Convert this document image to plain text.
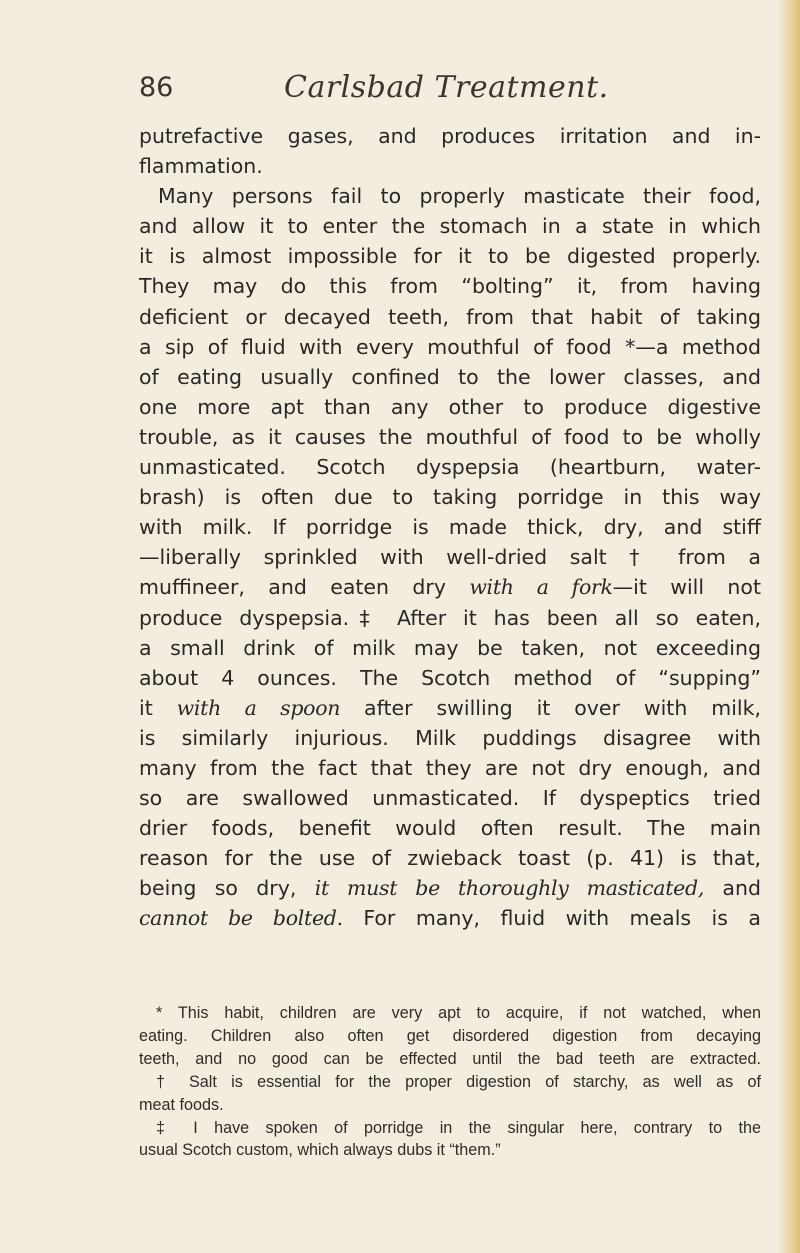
86	Carlsbad Treatment.
putrefactive gases, and produces irritation and in-
flammation.
Many persons fail to properly masticate their food,
and allow it to enter the stomach in a state in which
it is almost impossible for it to be digested properly.
They may do this from “bolting” it, from having
deficient or decayed teeth, from that habit of taking
a sip of fluid with every mouthful of food *—a method
of eating usually confined to the lower classes, and
one more apt than any other to produce digestive
trouble, as it causes the mouthful of food to be wholly
unmasticated. Scotch dyspepsia (heartburn, water-
brash) is often due to taking porridge in this way
with milk. If porridge is made thick, dry, and stiff
—liberally sprinkled with well-dried salt † from a
muffineer, and eaten dry with a fork—it will not
produce dyspepsia.‡ After it has been all so eaten,
a small drink of milk may be taken, not exceeding
about 4 ounces. The Scotch method of “supping”
it with a spoon after swilling it over with milk,
is similarly injurious. Milk puddings disagree with
many from the fact that they are not dry enough, and
so are swallowed unmasticated. If dyspeptics tried
drier foods, benefit would often result. The main
reason for the use of zwieback toast (p. 41) is that,
being so dry, it must be thoroughly masticated, and
cannot be bolted. For many, fluid with meals is a
* This habit, children are very apt to acquire, if not watched, when
eating. Children also often get disordered digestion from decaying
teeth, and no good can be effected until the bad teeth are extracted.
† Salt is essential for the proper digestion of starchy, as well as of
meat foods.
‡ I have spoken of porridge in the singular here, contrary to the
usual Scotch custom, which always dubs it “them.”
